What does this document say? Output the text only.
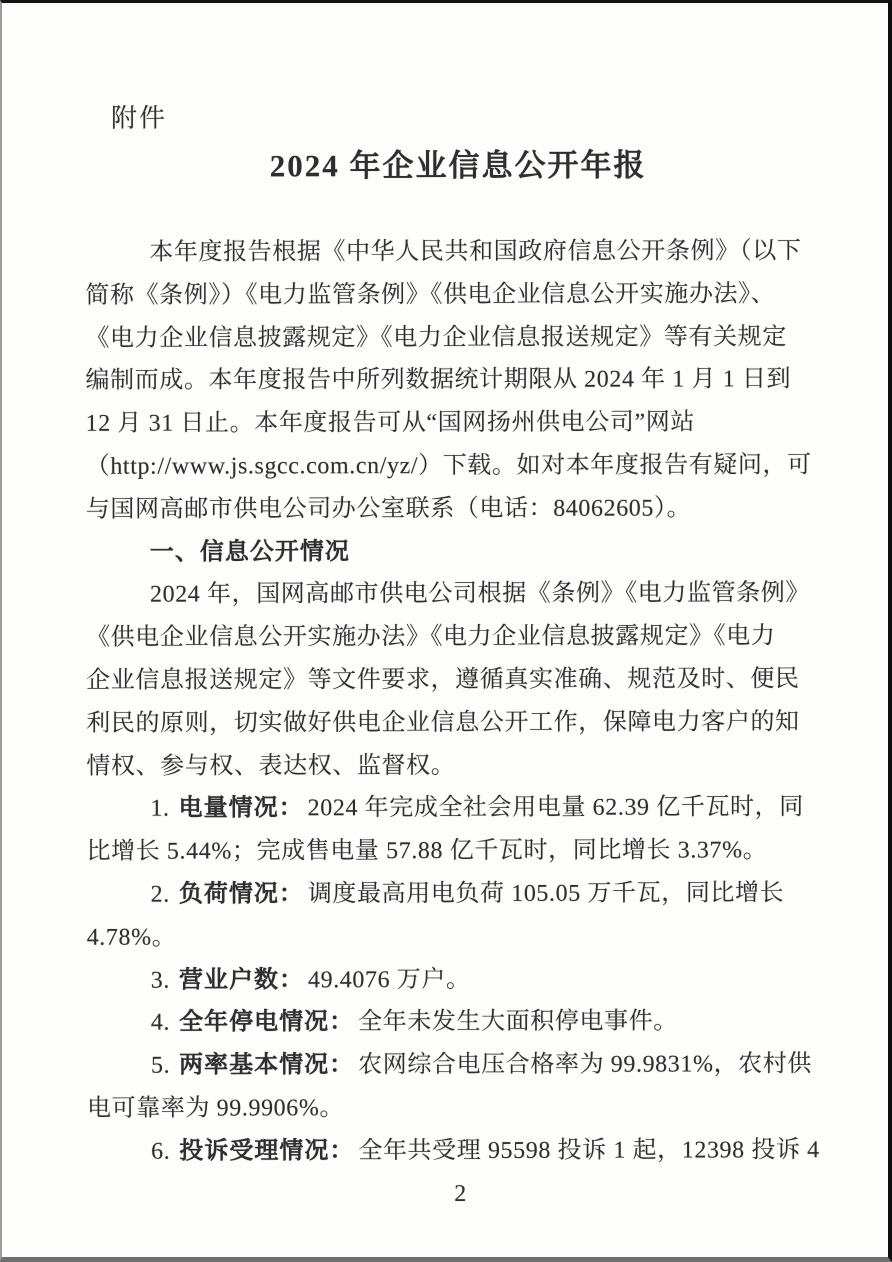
附件
2024 年企业信息公开年报
本年度报告根据《中华人民共和国政府信息公开条例》（以下
简称《条例》）《电力监管条例》《供电企业信息公开实施办法》、
《电力企业信息披露规定》《电力企业信息报送规定》等有关规定
编制而成。本年度报告中所列数据统计期限从 2024 年 1 月 1 日到
12 月 31 日止。本年度报告可从“国网扬州供电公司”网站
（http://www.js.sgcc.com.cn/yz/）下载。如对本年度报告有疑问，可
与国网高邮市供电公司办公室联系（电话：84062605）。
一、信息公开情况
2024 年，国网高邮市供电公司根据《条例》《电力监管条例》
《供电企业信息公开实施办法》《电力企业信息披露规定》《电力
企业信息报送规定》等文件要求，遵循真实准确、规范及时、便民
利民的原则，切实做好供电企业信息公开工作，保障电力客户的知
情权、参与权、表达权、监督权。
1. 电量情况： 2024 年完成全社会用电量 62.39 亿千瓦时，同
比增长 5.44%；完成售电量 57.88 亿千瓦时，同比增长 3.37%。
2. 负荷情况： 调度最高用电负荷 105.05 万千瓦，同比增长
4.78%。
3. 营业户数： 49.4076 万户。
4. 全年停电情况： 全年未发生大面积停电事件。
5. 两率基本情况： 农网综合电压合格率为 99.9831%，农村供
电可靠率为 99.9906%。
6. 投诉受理情况： 全年共受理 95598 投诉 1 起，12398 投诉 4
2
